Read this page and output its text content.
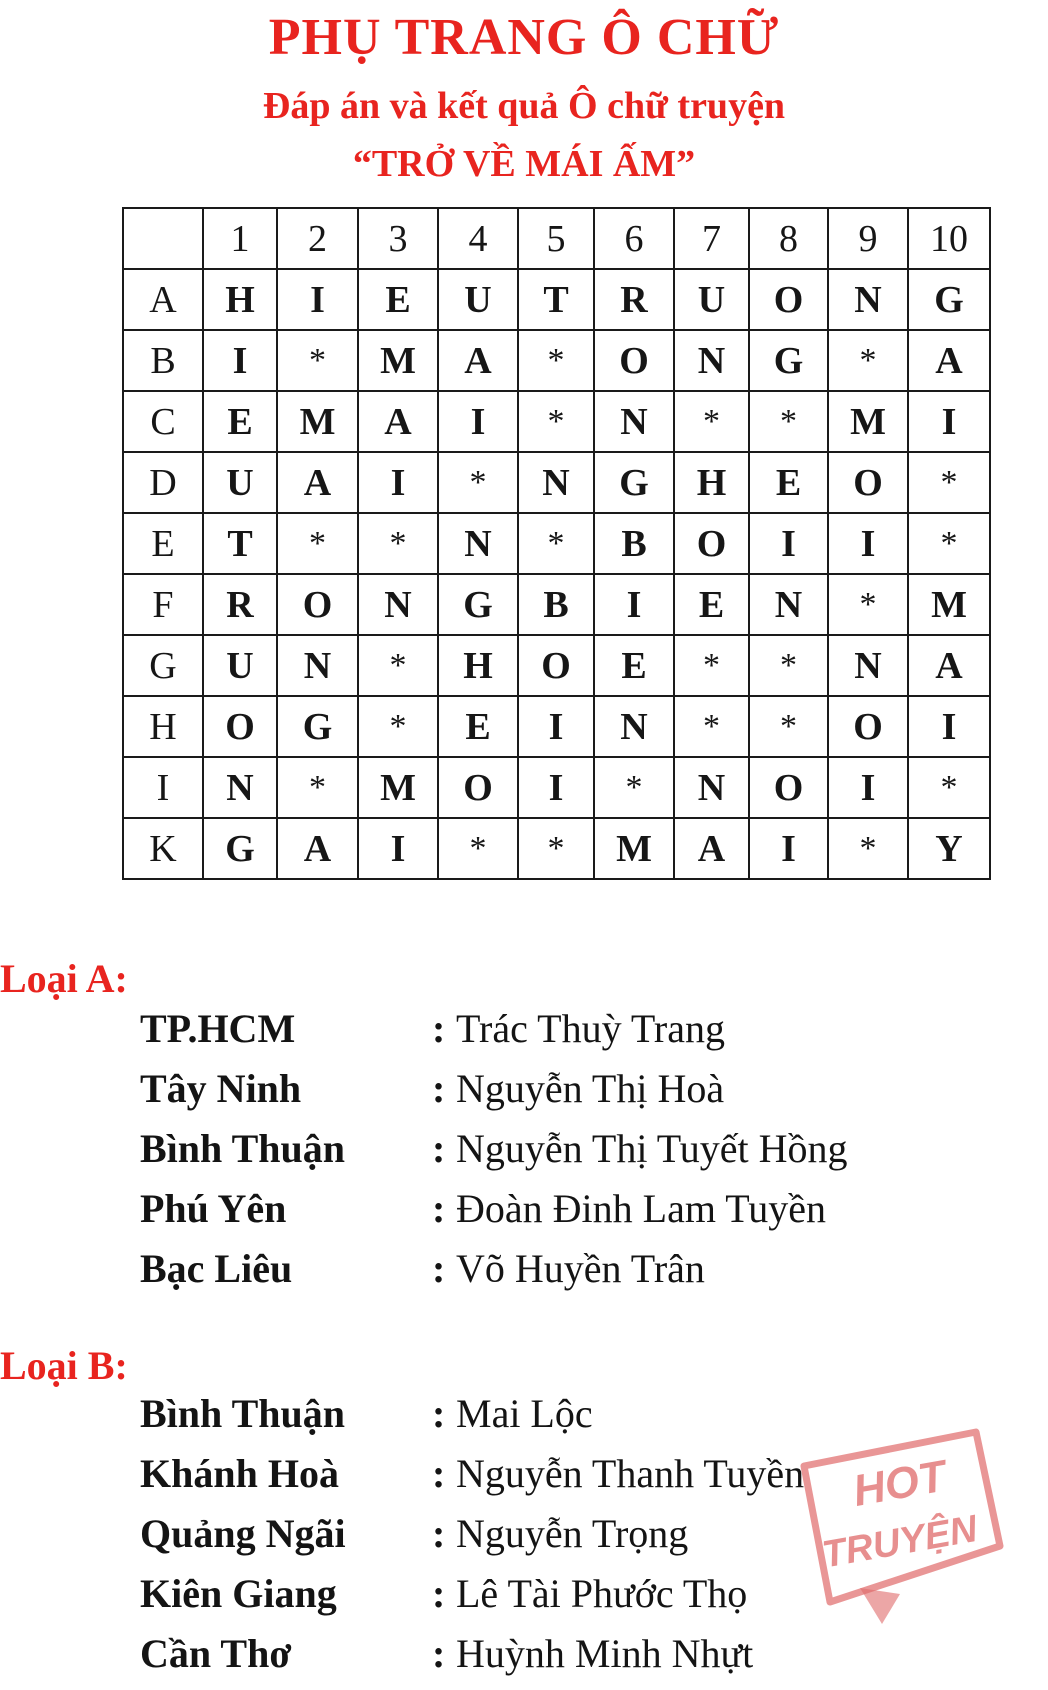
PHỤ TRANG Ô CHỮ
Đáp án và kết quả Ô chữ truyện
“TRỞ VỀ MÁI ẤM”
	1	2	3	4	5	6	7	8	9	10
A	H	I	E	U	T	R	U	O	N	G
B	I	*	M	A	*	O	N	G	*	A
C	E	M	A	I	*	N	*	*	M	I
D	U	A	I	*	N	G	H	E	O	*
E	T	*	*	N	*	B	O	I	I	*
F	R	O	N	G	B	I	E	N	*	M
G	U	N	*	H	O	E	*	*	N	A
H	O	G	*	E	I	N	*	*	O	I
I	N	*	M	O	I	*	N	O	I	*
K	G	A	I	*	*	M	A	I	*	Y
Loại A:
TP.HCM	: Trác Thuỳ Trang
Tây Ninh	: Nguyễn Thị Hoà
Bình Thuận : Nguyễn Thị Tuyết Hồng
Phú Yên	: Đoàn Đinh Lam Tuyền
Bạc Liêu	: Võ Huyền Trân
Loại B:
Bình Thuận : Mai Lộc
Khánh Hoà : Nguyễn Thanh Tuyền
Quảng Ngãi : Nguyễn Trọng
Kiên Giang : Lê Tài Phước Thọ
Cần Thơ	: Huỳnh Minh Nhựt
HOT
TRUYỆN
